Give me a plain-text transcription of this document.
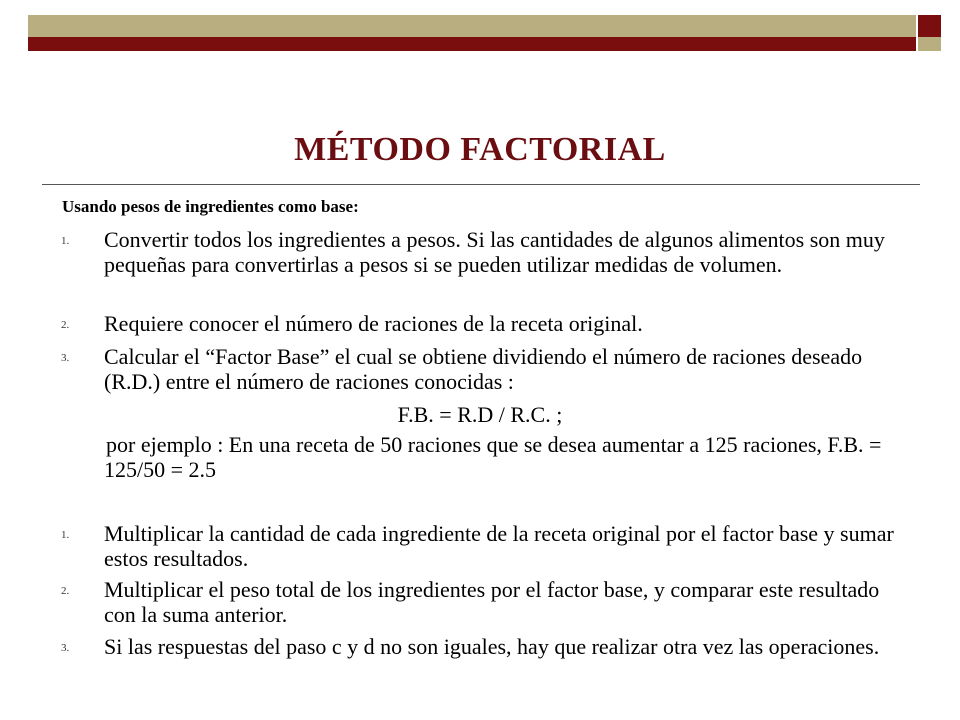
MÉTODO FACTORIAL
Usando pesos de ingredientes como base:
1. Convertir todos los ingredientes a pesos. Si las cantidades de algunos alimentos son muy pequeñas para convertirlas a pesos si se pueden utilizar medidas de volumen.
2. Requiere conocer el número de raciones de la receta original.
3. Calcular el “Factor Base” el cual se obtiene dividiendo el número de raciones deseado (R.D.) entre el número de raciones conocidas :
F.B. = R.D / R.C. ;
por ejemplo : En una receta de 50 raciones que se desea aumentar a 125 raciones, F.B. = 125/50 = 2.5
1. Multiplicar la cantidad de cada ingrediente de la receta original por el factor base y sumar estos resultados.
2. Multiplicar el peso total de los ingredientes por el factor base, y comparar este resultado con la suma anterior.
3. Si las respuestas del paso c y d no son iguales, hay que realizar otra vez las operaciones.
